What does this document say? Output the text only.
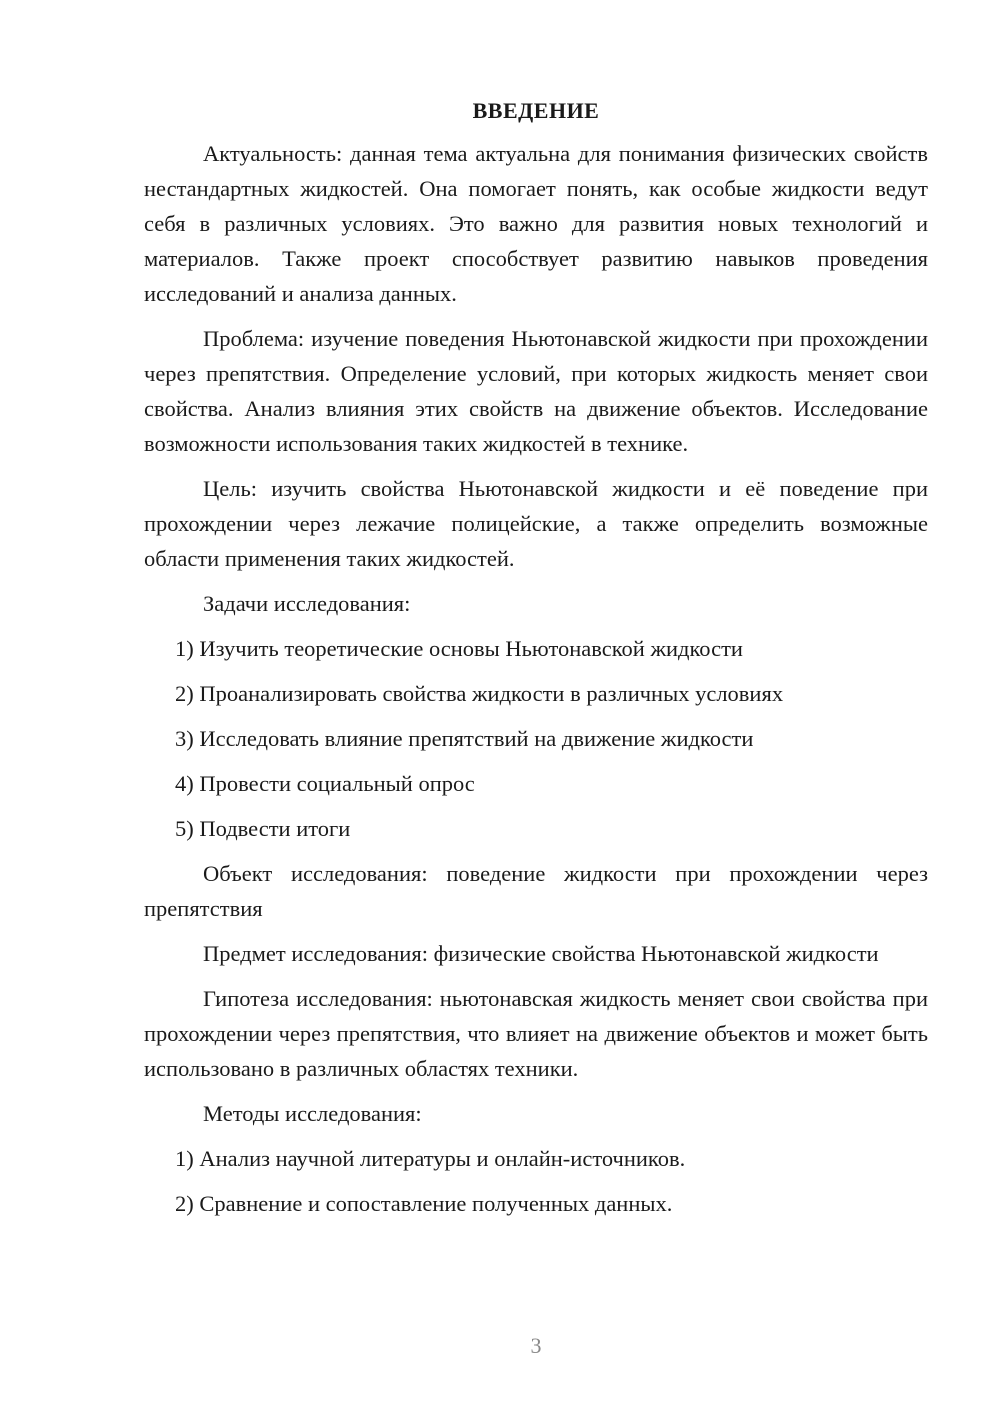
ВВЕДЕНИЕ

Актуальность: данная тема актуальна для понимания физических свойств нестандартных жидкостей. Она помогает понять, как особые жидкости ведут себя в различных условиях. Это важно для развития новых технологий и материалов. Также проект способствует развитию навыков проведения исследований и анализа данных.

Проблема: изучение поведения Ньютонавской жидкости при прохождении через препятствия. Определение условий, при которых жидкость меняет свои свойства. Анализ влияния этих свойств на движение объектов. Исследование возможности использования таких жидкостей в технике.

Цель: изучить свойства Ньютонавской жидкости и её поведение при прохождении через лежачие полицейские, а также определить возможные области применения таких жидкостей.

Задачи исследования:

1) Изучить теоретические основы Ньютонавской жидкости
2) Проанализировать свойства жидкости в различных условиях
3) Исследовать влияние препятствий на движение жидкости
4) Провести социальный опрос
5) Подвести итоги

Объект исследования: поведение жидкости при прохождении через препятствия

Предмет исследования: физические свойства Ньютонавской жидкости

Гипотеза исследования: ньютонавская жидкость меняет свои свойства при прохождении через препятствия, что влияет на движение объектов и может быть использовано в различных областях техники.

Методы исследования:

1) Анализ научной литературы и онлайн-источников.
2) Сравнение и сопоставление полученных данных.
3
